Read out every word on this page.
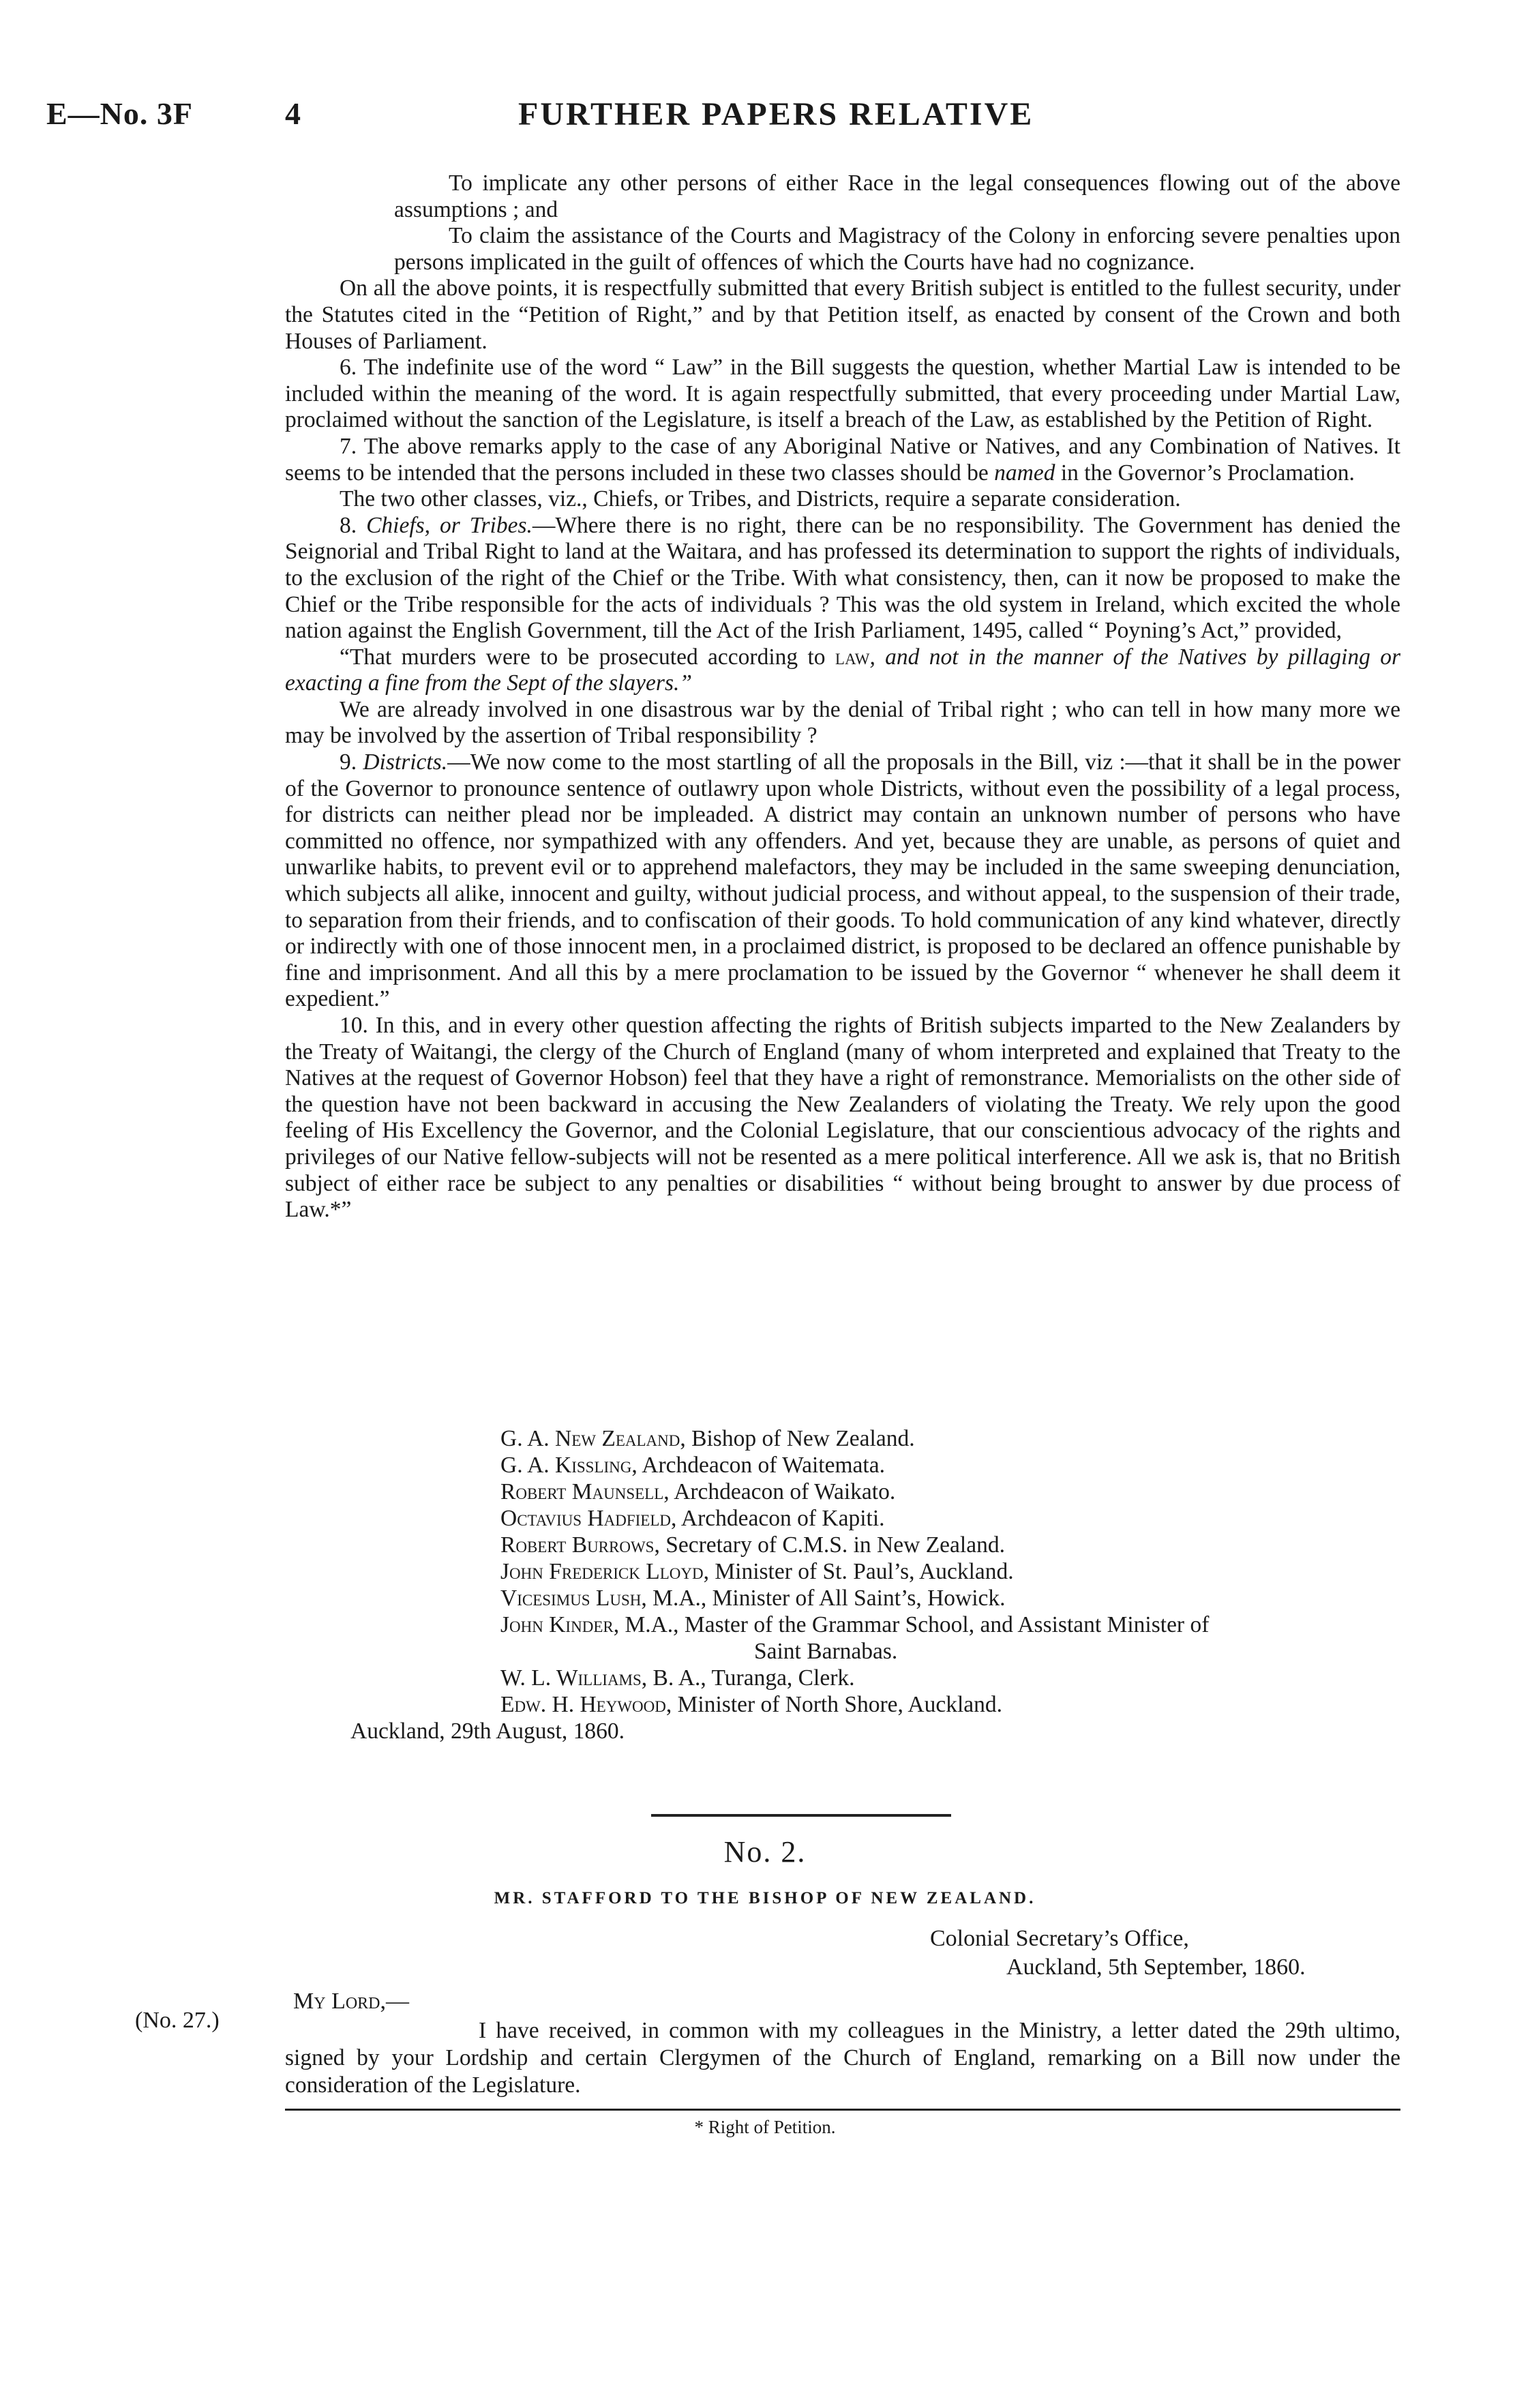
E—No. 3F	4	FURTHER PAPERS RELATIVE

To implicate any other persons of either Race in the legal consequences flowing out of the above assumptions ; and

To claim the assistance of the Courts and Magistracy of the Colony in enforcing severe penalties upon persons implicated in the guilt of offences of which the Courts have had no cognizance.

On all the above points, it is respectfully submitted that every British subject is entitled to the fullest security, under the Statutes cited in the “Petition of Right,” and by that Petition itself, as enacted by consent of the Crown and both Houses of Parliament.

6. The indefinite use of the word “ Law” in the Bill suggests the question, whether Martial Law is intended to be included within the meaning of the word. It is again respectfully submitted, that every proceeding under Martial Law, proclaimed without the sanction of the Legislature, is itself a breach of the Law, as established by the Petition of Right.

7. The above remarks apply to the case of any Aboriginal Native or Natives, and any Combination of Natives. It seems to be intended that the persons included in these two classes should be named in the Governor’s Proclamation.

The two other classes, viz., Chiefs, or Tribes, and Districts, require a separate consideration.

8. Chiefs, or Tribes.—Where there is no right, there can be no responsibility. The Government has denied the Seignorial and Tribal Right to land at the Waitara, and has professed its determination to support the rights of individuals, to the exclusion of the right of the Chief or the Tribe. With what consistency, then, can it now be proposed to make the Chief or the Tribe responsible for the acts of individuals ? This was the old system in Ireland, which excited the whole nation against the English Government, till the Act of the Irish Parliament, 1495, called “ Poyning’s Act,” provided,

“That murders were to be prosecuted according to law, and not in the manner of the Natives by pillaging or exacting a fine from the Sept of the slayers.”

We are already involved in one disastrous war by the denial of Tribal right ; who can tell in how many more we may be involved by the assertion of Tribal responsibility ?

9. Districts.—We now come to the most startling of all the proposals in the Bill, viz :—that it shall be in the power of the Governor to pronounce sentence of outlawry upon whole Districts, without even the possibility of a legal process, for districts can neither plead nor be impleaded. A district may contain an unknown number of persons who have committed no offence, nor sympathized with any offenders. And yet, because they are unable, as persons of quiet and unwarlike habits, to prevent evil or to apprehend malefactors, they may be included in the same sweeping denunciation, which subjects all alike, innocent and guilty, without judicial process, and without appeal, to the suspension of their trade, to separation from their friends, and to confiscation of their goods. To hold communication of any kind whatever, directly or indirectly with one of those innocent men, in a proclaimed district, is proposed to be declared an offence punishable by fine and imprisonment. And all this by a mere proclamation to be issued by the Governor “ whenever he shall deem it expedient.”

10. In this, and in every other question affecting the rights of British subjects imparted to the New Zealanders by the Treaty of Waitangi, the clergy of the Church of England (many of whom interpreted and explained that Treaty to the Natives at the request of Governor Hobson) feel that they have a right of remonstrance. Memorialists on the other side of the question have not been backward in accusing the New Zealanders of violating the Treaty. We rely upon the good feeling of His Excellency the Governor, and the Colonial Legislature, that our conscientious advocacy of the rights and privileges of our Native fellow-subjects will not be resented as a mere political interference. All we ask is, that no British subject of either race be subject to any penalties or disabilities “ without being brought to answer by due process of Law.*”

G. A. New Zealand, Bishop of New Zealand.
G. A. Kissling, Archdeacon of Waitemata.
Robert Maunsell, Archdeacon of Waikato.
Octavius Hadfield, Archdeacon of Kapiti.
Robert Burrows, Secretary of C.M.S. in New Zealand.
John Frederick Lloyd, Minister of St. Paul’s, Auckland.
Vicesimus Lush, M.A., Minister of All Saint’s, Howick.
John Kinder, M.A., Master of the Grammar School, and Assistant Minister of
Saint Barnabas.
W. L. Williams, B. A., Turanga, Clerk.
Edw. H. Heywood, Minister of North Shore, Auckland.
Auckland, 29th August, 1860.
No. 2.
MR. STAFFORD TO THE BISHOP OF NEW ZEALAND.
Colonial Secretary’s Office,
Auckland, 5th September, 1860.
(No. 27.)
My Lord,—

I have received, in common with my colleagues in the Ministry, a letter dated the 29th ultimo, signed by your Lordship and certain Clergymen of the Church of England, remarking on a Bill now under the consideration of the Legislature.

* Right of Petition.
